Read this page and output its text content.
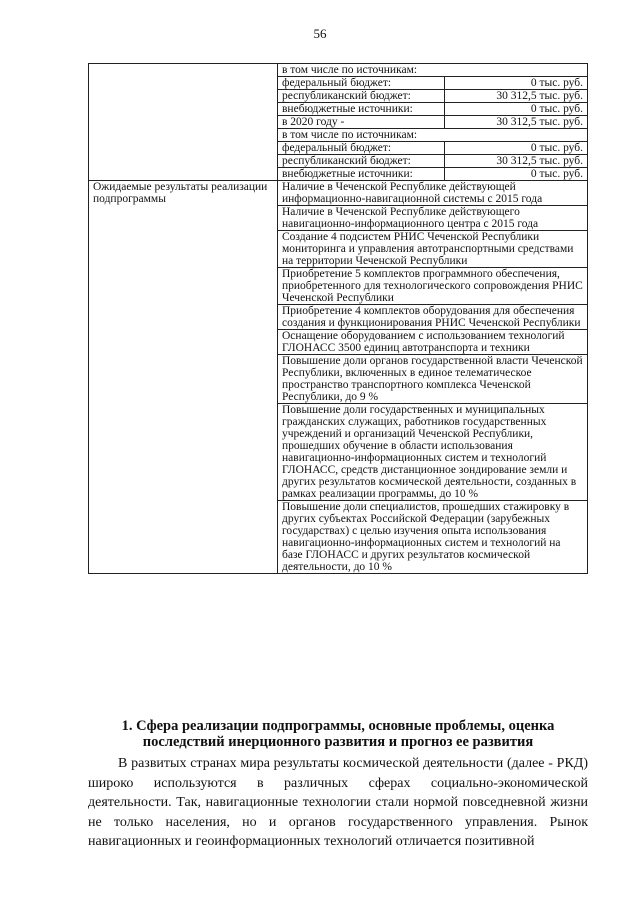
56
	в том числе по источникам:	
	федеральный бюджет:	0 тыс. руб.
	республиканский бюджет:	30 312,5 тыс. руб.
	внебюджетные источники:	0 тыс. руб.
	в 2020 году -	30 312,5 тыс. руб.
	в том числе по источникам:	
	федеральный бюджет:	0 тыс. руб.
	республиканский бюджет:	30 312,5 тыс. руб.
	внебюджетные источники:	0 тыс. руб.
Ожидаемые результаты реализации подпрограммы	Наличие в Чеченской Республике действующей информационно-навигационной системы с 2015 года	
	Наличие в Чеченской Республике действующего навигационно-информационного центра с 2015 года	
	Создание 4 подсистем РНИС Чеченской Республики мониторинга и управления автотранспортными средствами на территории Чеченской Республики	
	Приобретение 5 комплектов программного обеспечения, приобретенного для технологического сопровождения РНИС Чеченской Республики	
	Приобретение 4 комплектов оборудования для обеспечения создания и функционирования РНИС Чеченской Республики	
	Оснащение оборудованием с использованием технологий ГЛОНАСС 3500 единиц автотранспорта и техники	
	Повышение доли органов государственной власти Чеченской Республики, включенных в единое телематическое пространство транспортного комплекса Чеченской Республики, до 9 %	
	Повышение доли государственных и муниципальных гражданских служащих, работников государственных учреждений и организаций Чеченской Республики, прошедших обучение в области использования навигационно-информационных систем и технологий ГЛОНАСС, средств дистанционное зондирование земли и других результатов космической деятельности, созданных в рамках реализации программы, до 10 %	
	Повышение доли специалистов, прошедших стажировку в других субъектах Российской Федерации (зарубежных государствах) с целью изучения опыта использования навигационно-информационных систем и технологий на базе ГЛОНАСС и других результатов космической деятельности, до 10 %	
1. Сфера реализации подпрограммы, основные проблемы, оценка последствий инерционного развития и прогноз ее развития
В развитых странах мира результаты космической деятельности (далее - РКД) широко используются в различных сферах социально-экономической деятельности. Так, навигационные технологии стали нормой повседневной жизни не только населения, но и органов государственного управления. Рынок навигационных и геоинформационных технологий отличается позитивной
